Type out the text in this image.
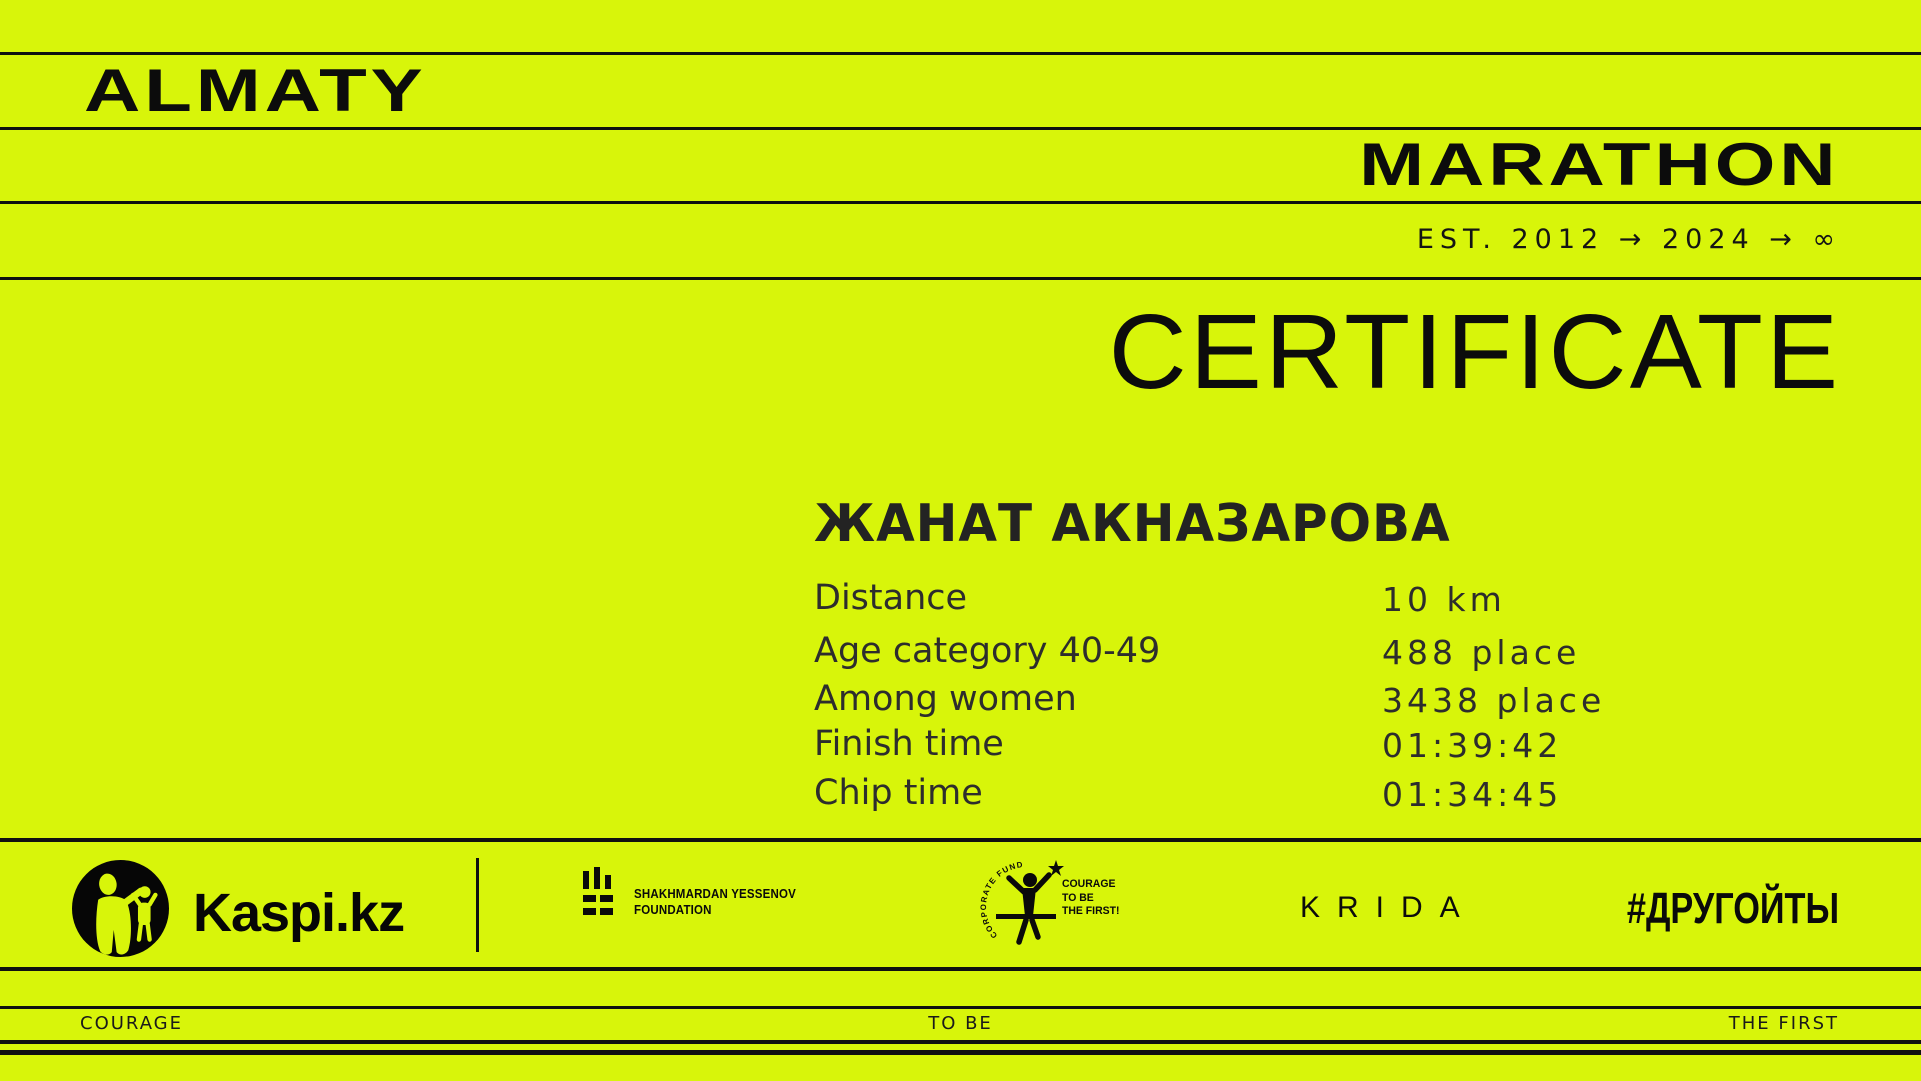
ALMATY
MARATHON
EST. 2012 → 2024 → ∞
CERTIFICATE
ЖАНАТ АКНАЗАРОВА
Distance	10 km
Age category 40-49	488 place
Among women	3438 place
Finish time	01:39:42
Chip time	01:34:45
Kaspi.kz	SHAKHMARDAN YESSENOV
FOUNDATION
CORPORATE FUND
COURAGE
TO BE
THE FIRST!	KRIDA	#ДРУГОЙТЫ
COURAGE	TO BE	THE FIRST
